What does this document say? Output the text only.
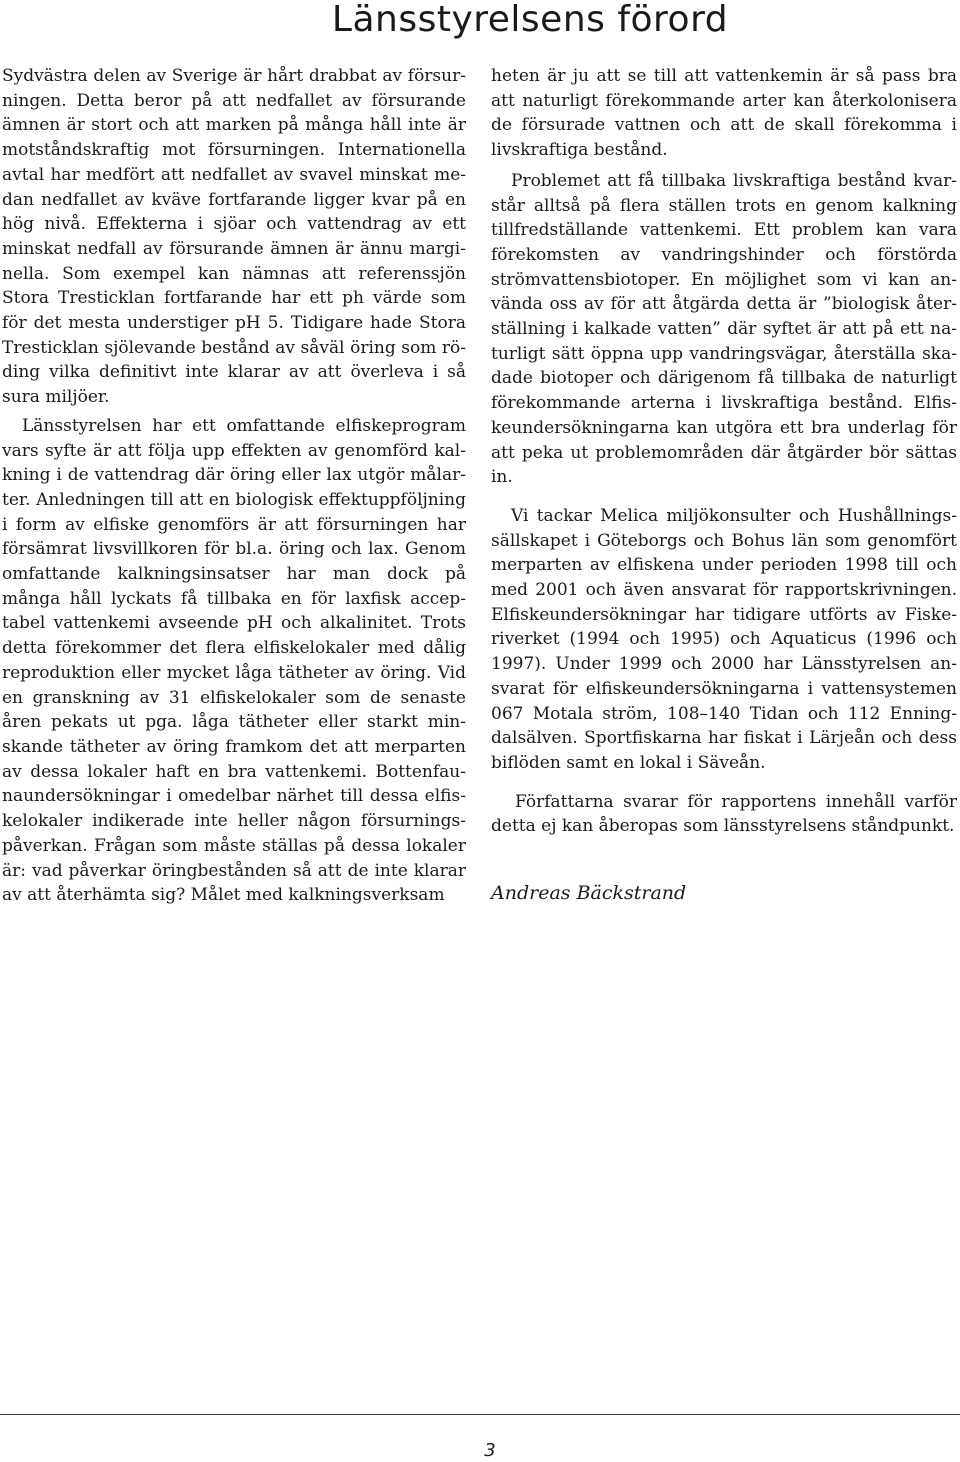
Länsstyrelsens förord

Sydvästra delen av Sverige är hårt drabbat av försurningen. Detta beror på att nedfallet av försurande ämnen är stort och att marken på många håll inte är motståndskraftig mot försurningen. Internationella avtal har medfört att nedfallet av svavel minskat medan nedfallet av kväve fortfarande ligger kvar på en hög nivå. Effekterna i sjöar och vattendrag av ett minskat nedfall av försurande ämnen är ännu marginella. Som exempel kan nämnas att referenssjön Stora Tresticklan fortfarande har ett ph värde som för det mesta understiger pH 5. Tidigare hade Stora Tresticklan sjölevande bestånd av såväl öring som röding vilka definitivt inte klarar av att överleva i så sura miljöer.

Länsstyrelsen har ett omfattande elfiskeprogram vars syfte är att följa upp effekten av genomförd kalkning i de vattendrag där öring eller lax utgör målarter. Anledningen till att en biologisk effektuppföljning i form av elfiske genomförs är att försurningen har försämrat livsvillkoren för bl.a. öring och lax. Genom omfattande kalkningsinsatser har man dock på många håll lyckats få tillbaka en för laxfisk acceptabel vattenkemi avseende pH och alkalinitet. Trots detta förekommer det flera elfiskelokaler med dålig reproduktion eller mycket låga tätheter av öring. Vid en granskning av 31 elfiskelokaler som de senaste åren pekats ut pga. låga tätheter eller starkt minskande tätheter av öring framkom det att merparten av dessa lokaler haft en bra vattenkemi. Bottenfaunaundersökningar i omedelbar närhet till dessa elfiskelokaler indikerade inte heller någon försurningspåverkan. Frågan som måste ställas på dessa lokaler är: vad påverkar öringbestånden så att de inte klarar av att återhämta sig? Målet med kalkningsverksam

heten är ju att se till att vattenkemin är så pass bra att naturligt förekommande arter kan återkolonisera de försurade vattnen och att de skall förekomma i livskraftiga bestånd.

Problemet att få tillbaka livskraftiga bestånd kvarstår alltså på flera ställen trots en genom kalkning tillfredställande vattenkemi. Ett problem kan vara förekomsten av vandringshinder och förstörda strömvattensbiotoper. En möjlighet som vi kan använda oss av för att åtgärda detta är ”biologisk återställning i kalkade vatten” där syftet är att på ett naturligt sätt öppna upp vandringsvägar, återställa skadade biotoper och därigenom få tillbaka de naturligt förekommande arterna i livskraftiga bestånd. Elfiskeundersökningarna kan utgöra ett bra underlag för att peka ut problemområden där åtgärder bör sättas in.

Vi tackar Melica miljökonsulter och Hushållningssällskapet i Göteborgs och Bohus län som genomfört merparten av elfiskena under perioden 1998 till och med 2001 och även ansvarat för rapportskrivningen. Elfiskeundersökningar har tidigare utförts av Fiskeriverket (1994 och 1995) och Aquaticus (1996 och 1997). Under 1999 och 2000 har Länsstyrelsen ansvarat för elfiskeundersökningarna i vattensystemen 067 Motala ström, 108–140 Tidan och 112 Enningdalsälven. Sportfiskarna har fiskat i Lärjeån och dess biflöden samt en lokal i Säveån.

Författarna svarar för rapportens innehåll varför detta ej kan åberopas som länsstyrelsens ståndpunkt.

Andreas Bäckstrand
3
